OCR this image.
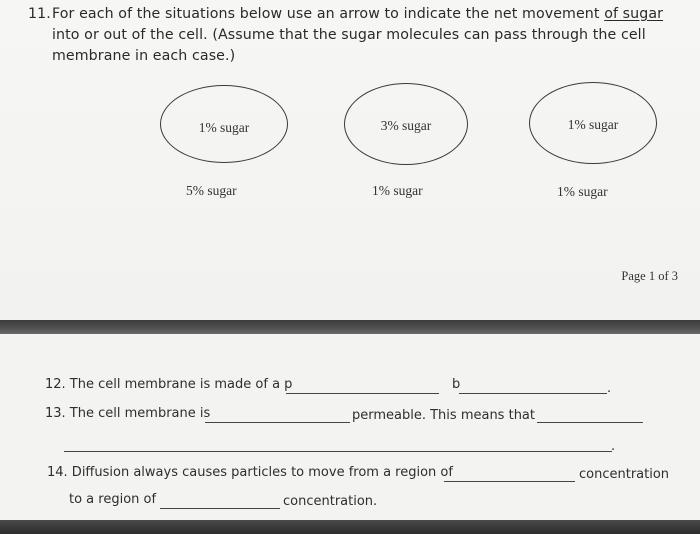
11. For each of the situations below use an arrow to indicate the net movement of sugar into or out of the cell. (Assume that the sugar molecules can pass through the cell membrane in each case.)
1% sugar
5% sugar
3% sugar
1% sugar
1% sugar
1% sugar
Page 1 of 3
12. The cell membrane is made of a p	b	.
13. The cell membrane is	permeable. This means that
.
14. Diffusion always causes particles to move from a region of	concentration
to a region of	concentration.
